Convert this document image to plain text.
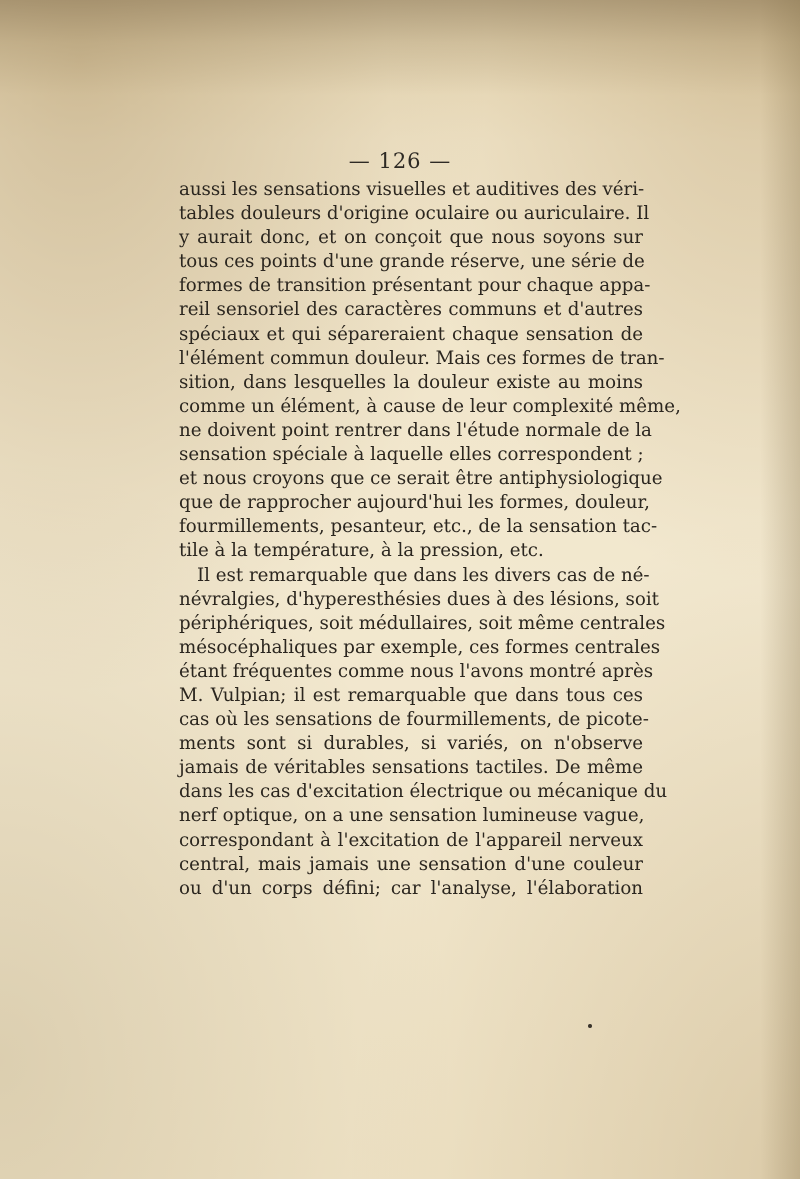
— 126 —
aussi les sensations visuelles et auditives des véri-
tables douleurs d'origine oculaire ou auriculaire. Il
y aurait donc, et on conçoit que nous soyons sur
tous ces points d'une grande réserve, une série de
formes de transition présentant pour chaque appa-
reil sensoriel des caractères communs et d'autres
spéciaux et qui sépareraient chaque sensation de
l'élément commun douleur. Mais ces formes de tran-
sition, dans lesquelles la douleur existe au moins
comme un élément, à cause de leur complexité même,
ne doivent point rentrer dans l'étude normale de la
sensation spéciale à laquelle elles correspondent ;
et nous croyons que ce serait être antiphysiologique
que de rapprocher aujourd'hui les formes, douleur,
fourmillements, pesanteur, etc., de la sensation tac-
tile à la température, à la pression, etc.
Il est remarquable que dans les divers cas de né-
névralgies, d'hyperesthésies dues à des lésions, soit
périphériques, soit médullaires, soit même centrales
mésocéphaliques par exemple, ces formes centrales
étant fréquentes comme nous l'avons montré après
M. Vulpian; il est remarquable que dans tous ces
cas où les sensations de fourmillements, de picote-
ments sont si durables, si variés, on n'observe
jamais de véritables sensations tactiles. De même
dans les cas d'excitation électrique ou mécanique du
nerf optique, on a une sensation lumineuse vague,
correspondant à l'excitation de l'appareil nerveux
central, mais jamais une sensation d'une couleur
ou d'un corps défini; car l'analyse, l'élaboration
